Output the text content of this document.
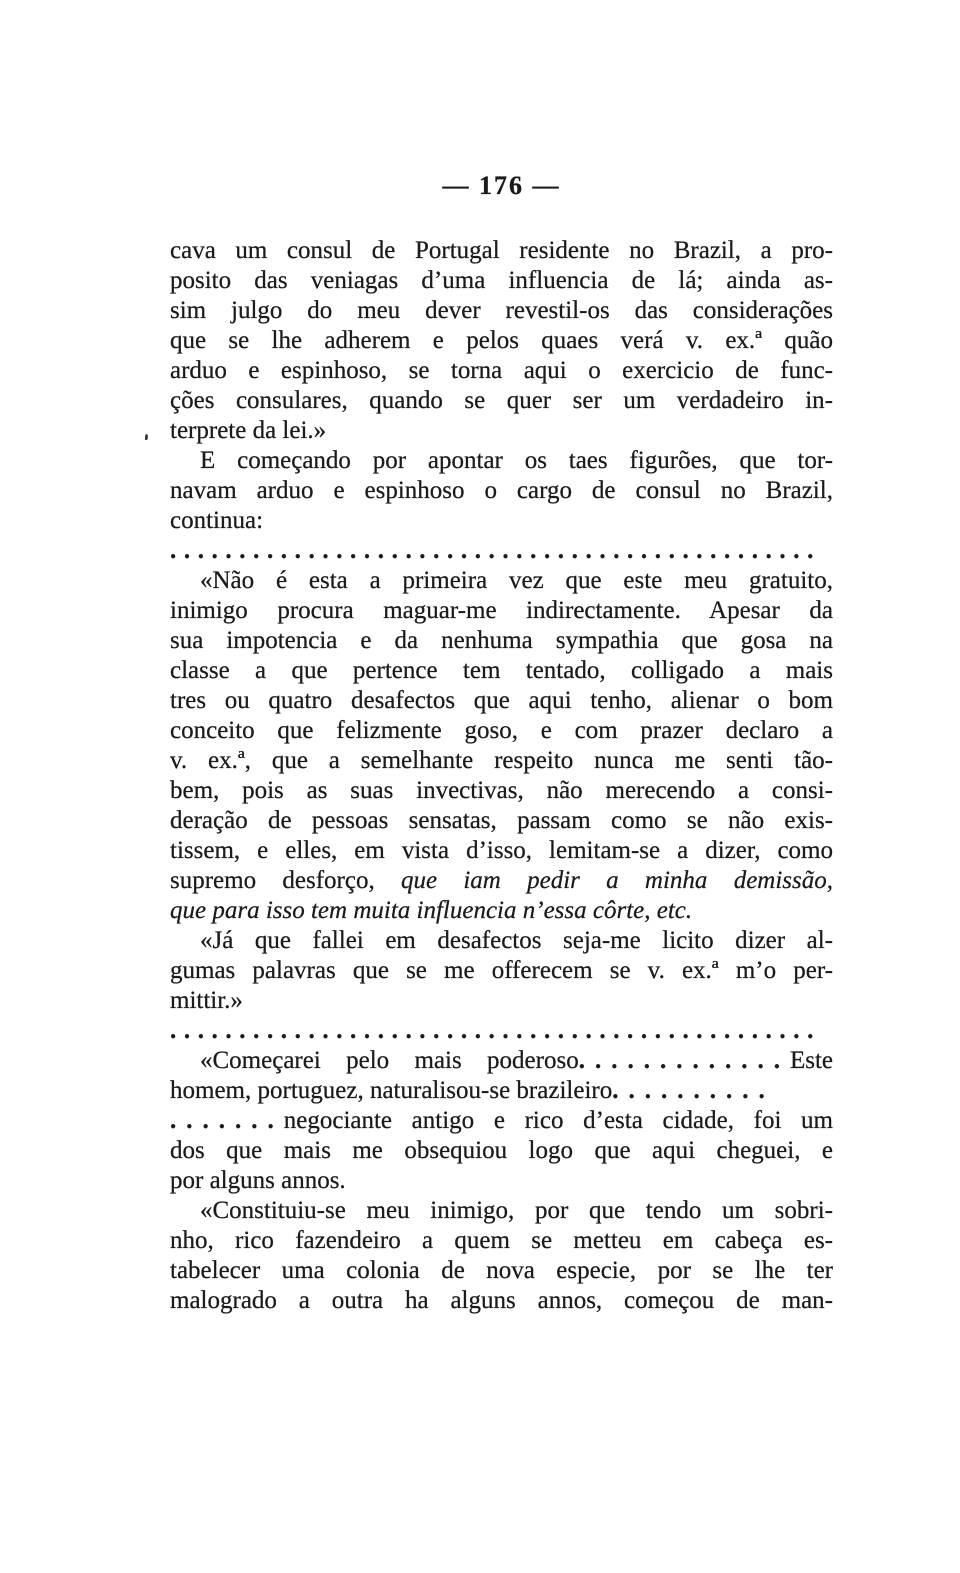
— 176 —
cava um consul de Portugal residente no Brazil, a pro-
posito das veniagas d’uma influencia de lá; ainda as-
sim julgo do meu dever revestil-os das considerações
que se lhe adherem e pelos quaes verá v. ex.ª quão
arduo e espinhoso, se torna aqui o exercicio de func-
ções consulares, quando se quer ser um verdadeiro in-
terprete da lei.»
E começando por apontar os taes figurões, que tor-
navam arduo e espinhoso o cargo de consul no Brazil,
continua:
...............................................
«Não é esta a primeira vez que este meu gratuito,
inimigo procura maguar-me indirectamente. Apesar da
sua impotencia e da nenhuma sympathia que gosa na
classe a que pertence tem tentado, colligado a mais
tres ou quatro desafectos que aqui tenho, alienar o bom
conceito que felizmente goso, e com prazer declaro a
v. ex.ª, que a semelhante respeito nunca me senti tão-
bem, pois as suas invectivas, não merecendo a consi-
deração de pessoas sensatas, passam como se não exis-
tissem, e elles, em vista d’isso, lemitam-se a dizer, como
supremo desforço, que iam pedir a minha demissão,
que para isso tem muita influencia n’essa côrte, etc.
«Já que fallei em desafectos seja-me licito dizer al-
gumas palavras que se me offerecem se v. ex.ª m’o per-
mittir.»
...............................................
«Começarei pelo mais poderoso.............Este
homem, portuguez, naturalisou-se brazileiro..........
.......negociante antigo e rico d’esta cidade, foi um
dos que mais me obsequiou logo que aqui cheguei, e
por alguns annos.
«Constituiu-se meu inimigo, por que tendo um sobri-
nho, rico fazendeiro a quem se metteu em cabeça es-
tabelecer uma colonia de nova especie, por se lhe ter
malogrado a outra ha alguns annos, começou de man-
